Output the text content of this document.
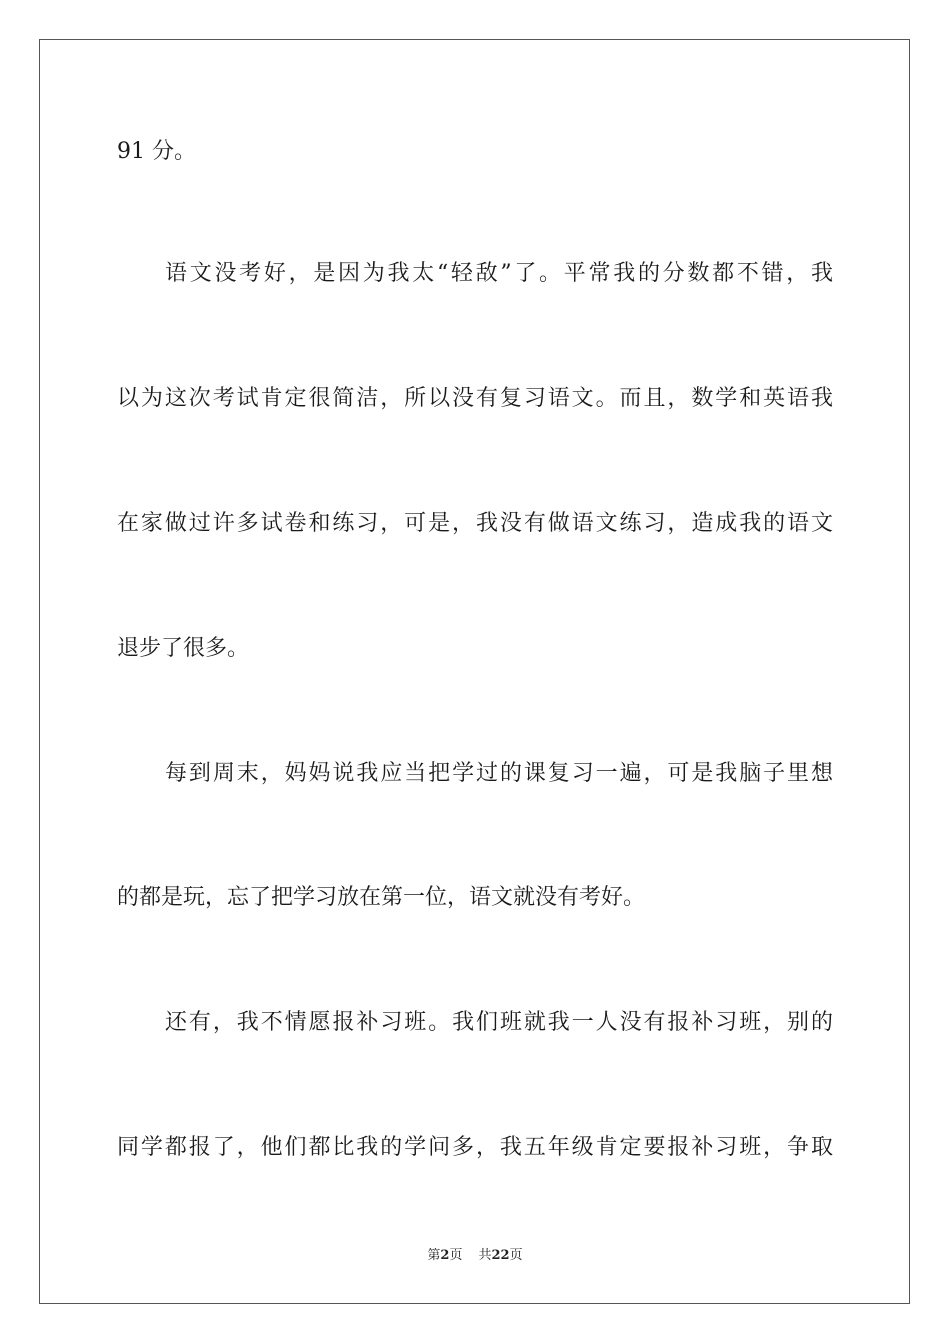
91 分。
语文没考好，是因为我太“轻敌”了。平常我的分数都不错，我
以为这次考试肯定很简洁，所以没有复习语文。而且，数学和英语我
在家做过许多试卷和练习，可是，我没有做语文练习，造成我的语文
退步了很多。
每到周末，妈妈说我应当把学过的课复习一遍，可是我脑子里想
的都是玩，忘了把学习放在第一位，语文就没有考好。
还有，我不情愿报补习班。我们班就我一人没有报补习班，别的
同学都报了，他们都比我的学问多，我五年级肯定要报补习班，争取
第2页 共22页
